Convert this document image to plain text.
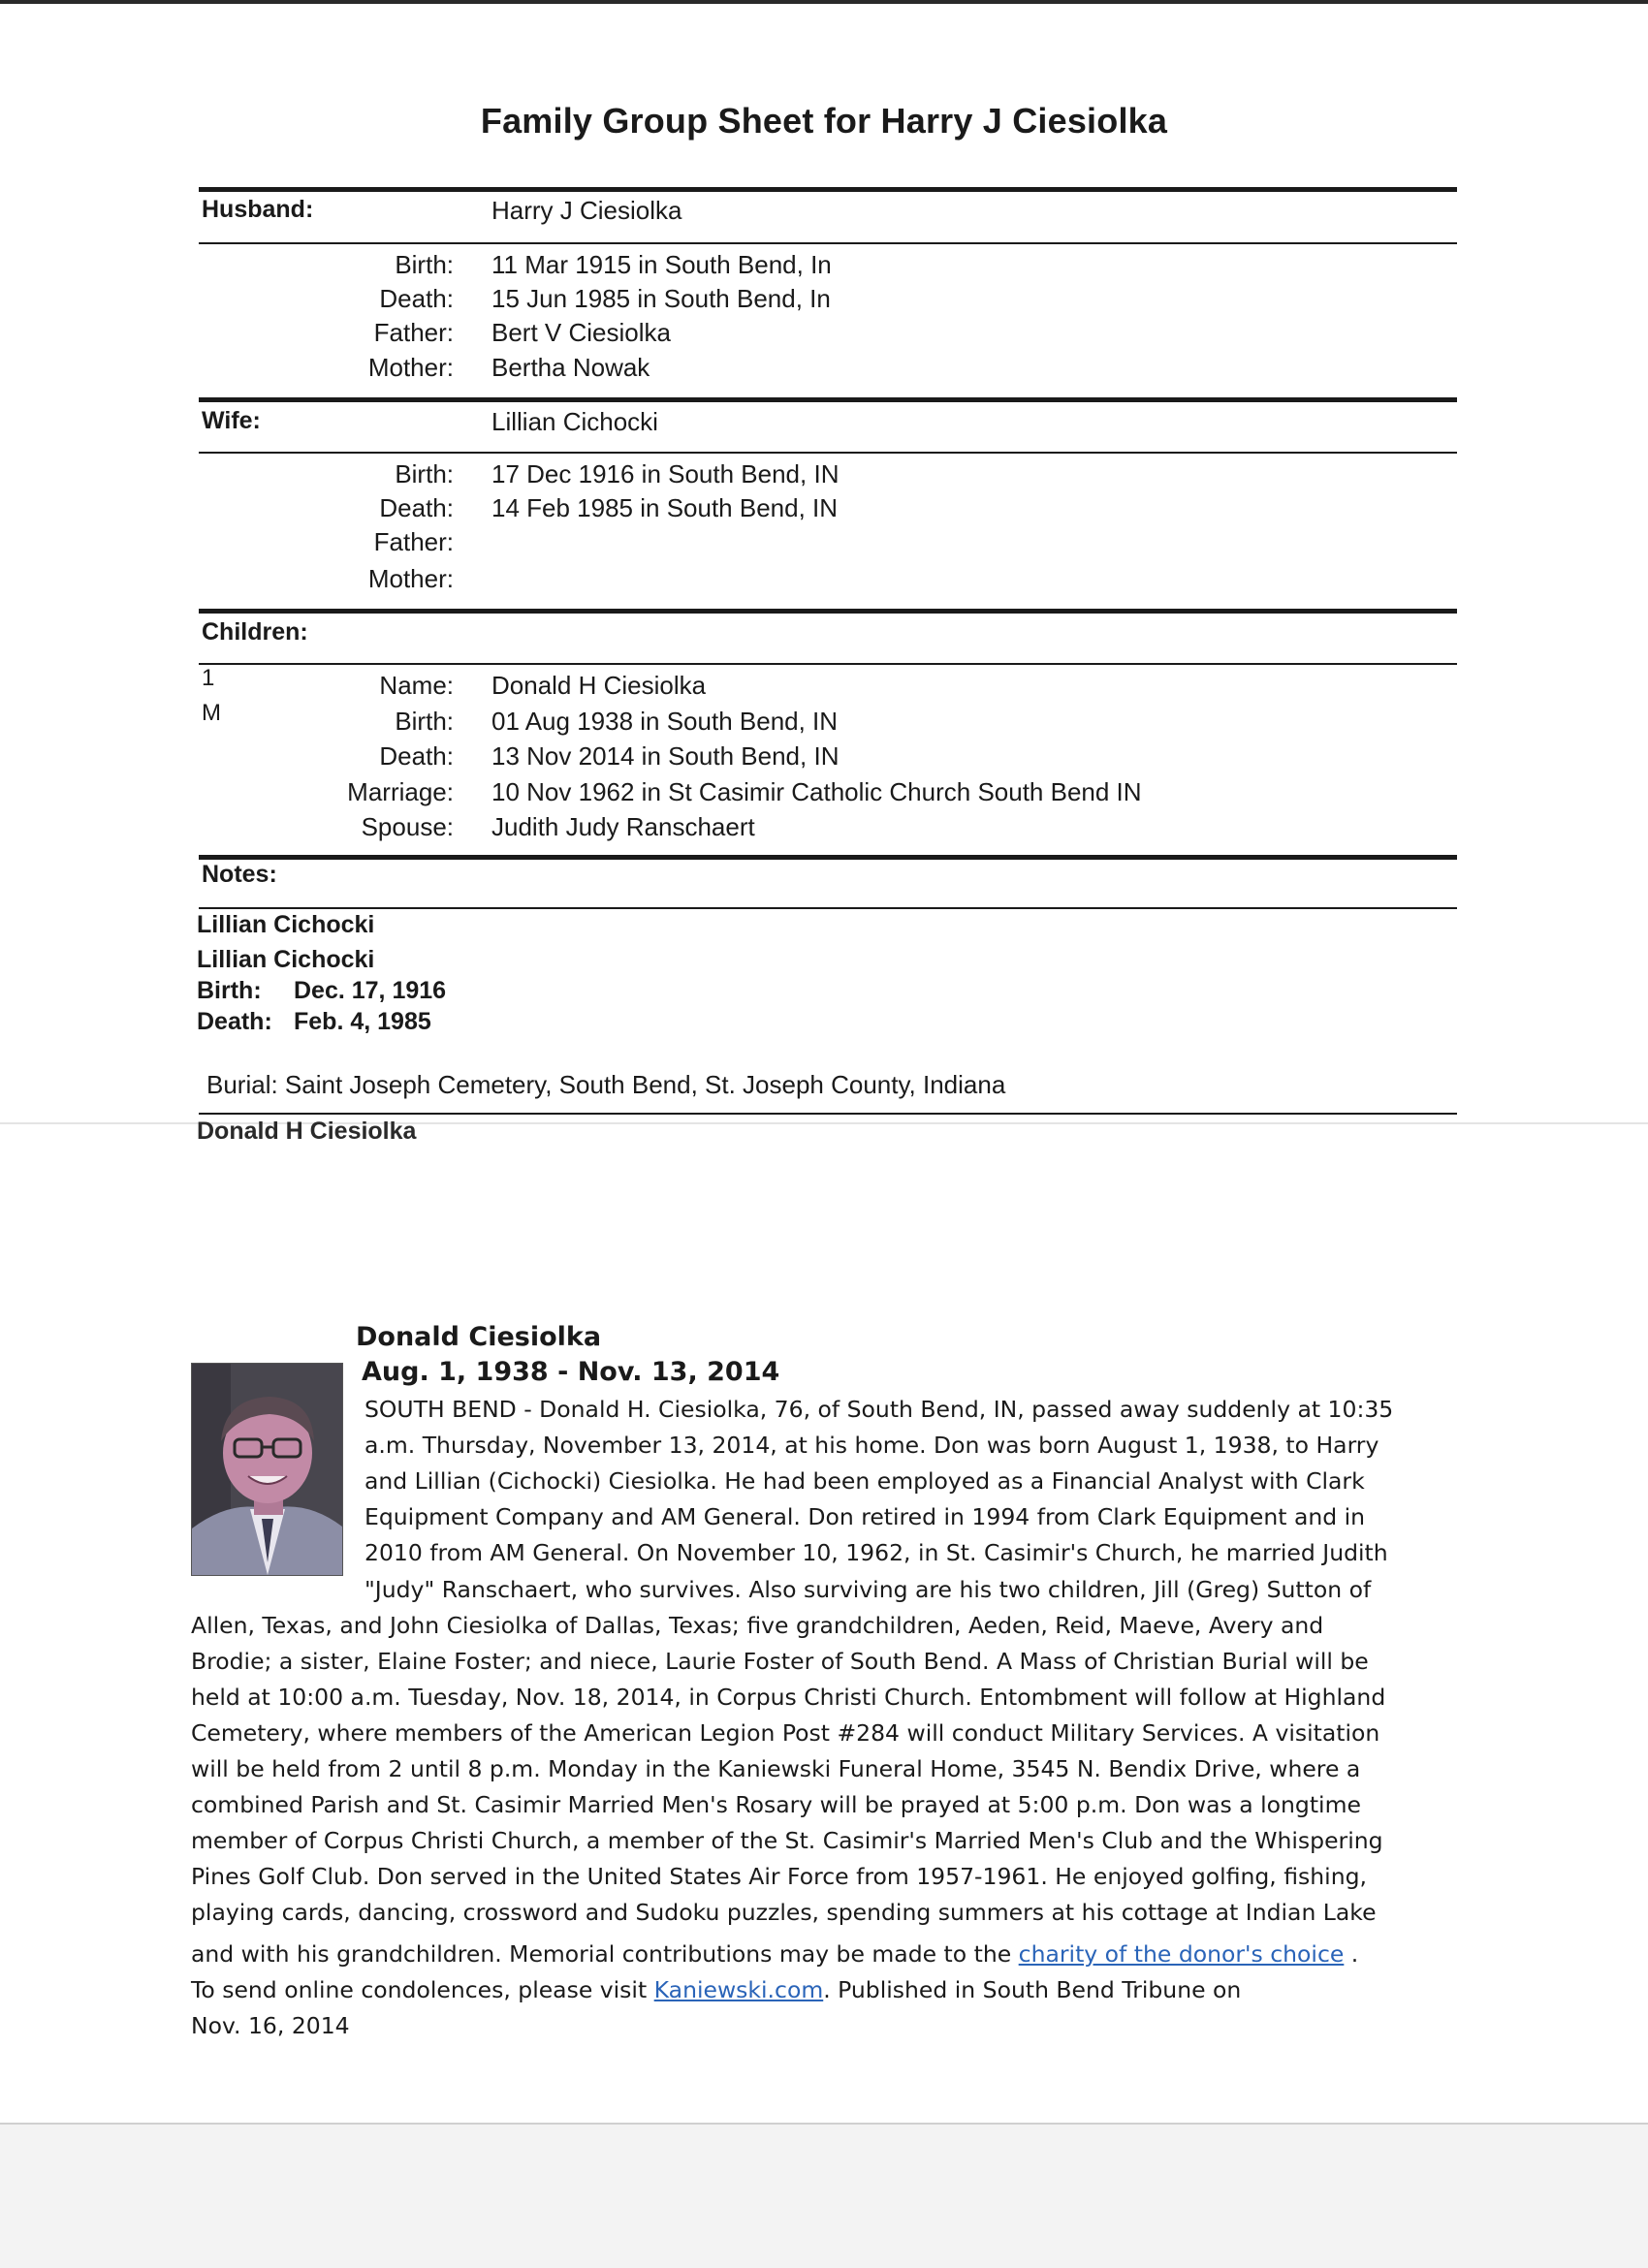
Family Group Sheet for Harry J Ciesiolka
Husband:	Harry J Ciesiolka
Birth: 11 Mar 1915 in South Bend, In
Death: 15 Jun 1985 in South Bend, In
Father: Bert V Ciesiolka
Mother: Bertha Nowak
Wife:	Lillian Cichocki
Birth: 17 Dec 1916 in South Bend, IN
Death: 14 Feb 1985 in South Bend, IN
Father:
Mother:
Children:
1
M
Name: Donald H Ciesiolka
Birth: 01 Aug 1938 in South Bend, IN
Death: 13 Nov 2014 in South Bend, IN
Marriage: 10 Nov 1962 in St Casimir Catholic Church South Bend IN
Spouse: Judith Judy Ranschaert
Notes:
Lillian Cichocki
Lillian Cichocki
Birth: Dec. 17, 1916
Death: Feb. 4, 1985
Burial: Saint Joseph Cemetery, South Bend, St. Joseph County, Indiana
Donald H Ciesiolka
Donald Ciesiolka
Aug. 1, 1938 - Nov. 13, 2014
SOUTH BEND - Donald H. Ciesiolka, 76, of South Bend, IN, passed away suddenly at 10:35
a.m. Thursday, November 13, 2014, at his home. Don was born August 1, 1938, to Harry
and Lillian (Cichocki) Ciesiolka. He had been employed as a Financial Analyst with Clark
Equipment Company and AM General. Don retired in 1994 from Clark Equipment and in
2010 from AM General. On November 10, 1962, in St. Casimir's Church, he married Judith
"Judy" Ranschaert, who survives. Also surviving are his two children, Jill (Greg) Sutton of
Allen, Texas, and John Ciesiolka of Dallas, Texas; five grandchildren, Aeden, Reid, Maeve, Avery and
Brodie; a sister, Elaine Foster; and niece, Laurie Foster of South Bend. A Mass of Christian Burial will be
held at 10:00 a.m. Tuesday, Nov. 18, 2014, in Corpus Christi Church. Entombment will follow at Highland
Cemetery, where members of the American Legion Post #284 will conduct Military Services. A visitation
will be held from 2 until 8 p.m. Monday in the Kaniewski Funeral Home, 3545 N. Bendix Drive, where a
combined Parish and St. Casimir Married Men's Rosary will be prayed at 5:00 p.m. Don was a longtime
member of Corpus Christi Church, a member of the St. Casimir's Married Men's Club and the Whispering
Pines Golf Club. Don served in the United States Air Force from 1957-1961. He enjoyed golfing, fishing,
playing cards, dancing, crossword and Sudoku puzzles, spending summers at his cottage at Indian Lake
and with his grandchildren. Memorial contributions may be made to the charity of the donor's choice .
To send online condolences, please visit Kaniewski.com. Published in South Bend Tribune on
Nov. 16, 2014
